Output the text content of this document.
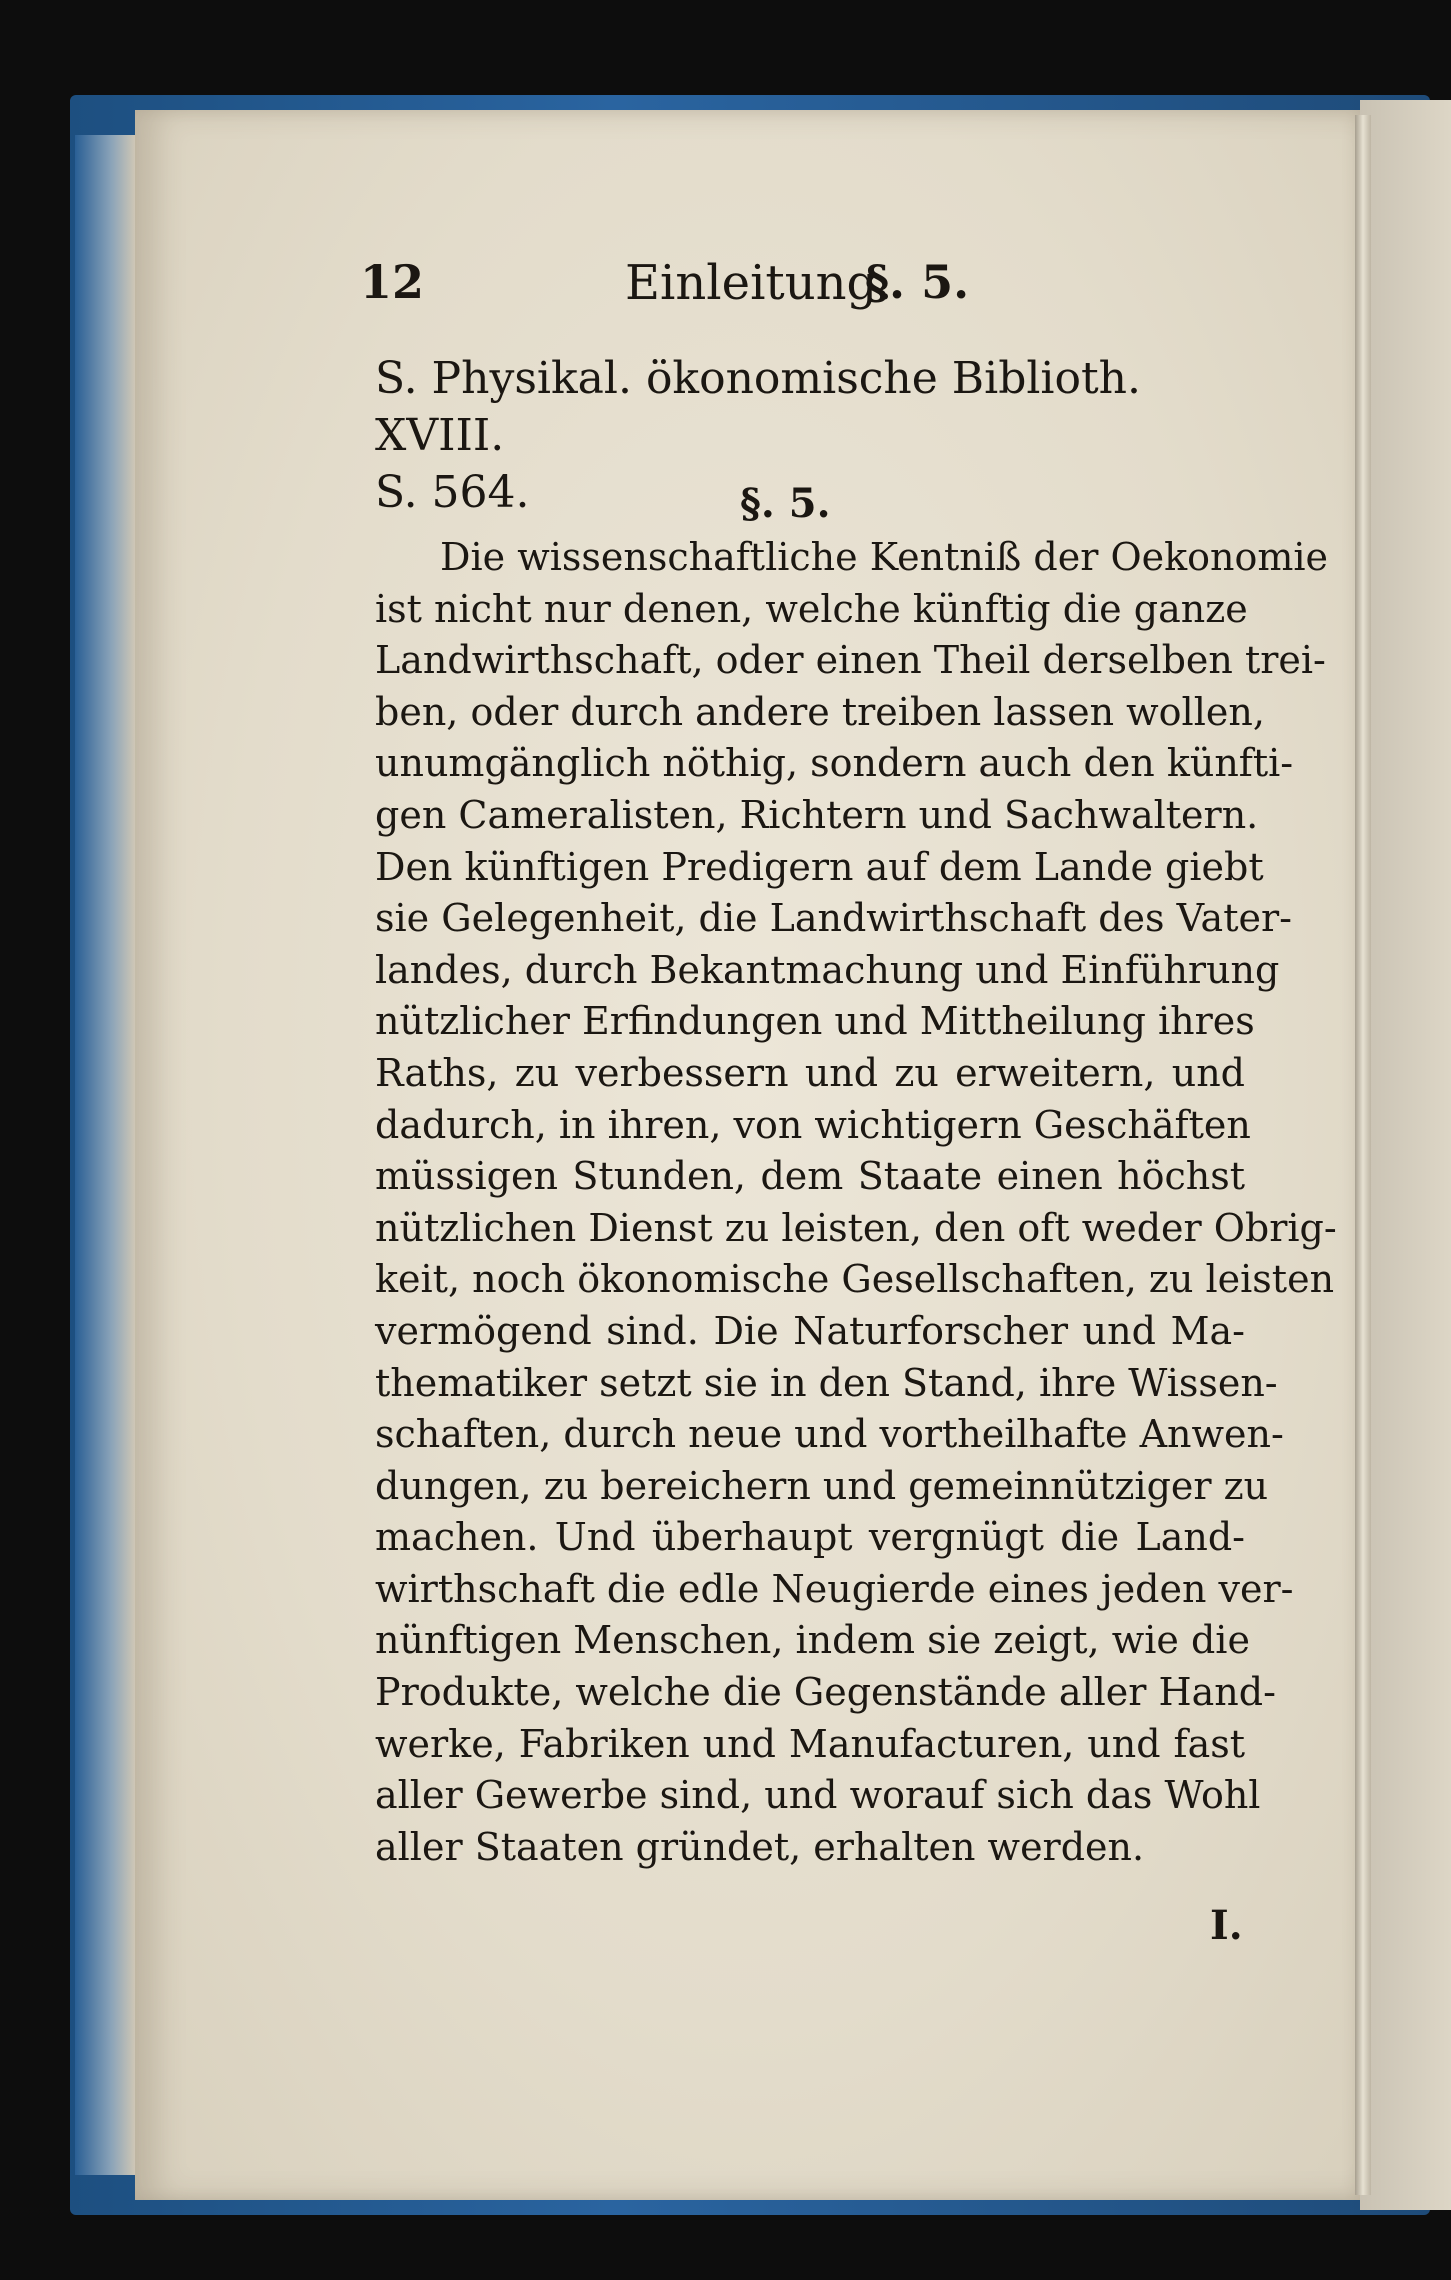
12	Einleitung.
§. 5.
S. Physikal. ökonomische Biblioth. XVIII.
S. 564.	§. 5.
Die wissenschaftliche Kentniß der Oekonomie
ist nicht nur denen, welche künftig die ganze
Landwirthschaft, oder einen Theil derselben trei-
ben, oder durch andere treiben lassen wollen,
unumgänglich nöthig, sondern auch den künfti-
gen Cameralisten, Richtern und Sachwaltern.
Den künftigen Predigern auf dem Lande giebt
sie Gelegenheit, die Landwirthschaft des Vater-
landes, durch Bekantmachung und Einführung
nützlicher Erfindungen und Mittheilung ihres
Raths, zu verbessern und zu erweitern, und
dadurch, in ihren, von wichtigern Geschäften
müssigen Stunden, dem Staate einen höchst
nützlichen Dienst zu leisten, den oft weder Obrig-
keit, noch ökonomische Gesellschaften, zu leisten
vermögend sind. Die Naturforscher und Ma-
thematiker setzt sie in den Stand, ihre Wissen-
schaften, durch neue und vortheilhafte Anwen-
dungen, zu bereichern und gemeinnütziger zu
machen. Und überhaupt vergnügt die Land-
wirthschaft die edle Neugierde eines jeden ver-
nünftigen Menschen, indem sie zeigt, wie die
Produkte, welche die Gegenstände aller Hand-
werke, Fabriken und Manufacturen, und fast
aller Gewerbe sind, und worauf sich das Wohl
aller Staaten gründet, erhalten werden.
I.
